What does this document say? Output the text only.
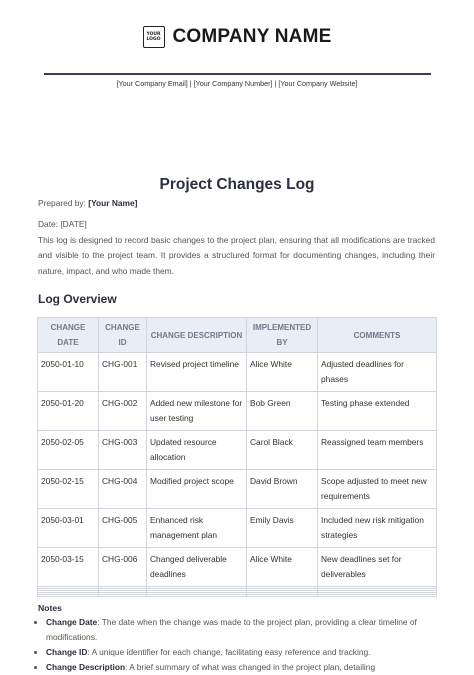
YOUR
LOGO COMPANY NAME
[Your Company Email] | [Your Company Number] | [Your Company Website]
Project Changes Log
Prepared by: [Your Name]
Date: [DATE]
This log is designed to record basic changes to the project plan, ensuring that all modifications are tracked and visible to the project team. It provides a structured format for documenting changes, including their nature, impact, and who made them.
Log Overview
CHANGE DATE	CHANGE ID	CHANGE DESCRIPTION	IMPLEMENTED BY	COMMENTS
2050-01-10	CHG-001	Revised project timeline	Alice White	Adjusted deadlines for phases
2050-01-20	CHG-002	Added new milestone for user testing	Bob Green	Testing phase extended
2050-02-05	CHG-003	Updated resource allocation	Carol Black	Reassigned team members
2050-02-15	CHG-004	Modified project scope	David Brown	Scope adjusted to meet new requirements
2050-03-01	CHG-005	Enhanced risk management plan	Emily Davis	Included new risk mitigation strategies
2050-03-15	CHG-006	Changed deliverable deadlines	Alice White	New deadlines set for deliverables

Notes
• Change Date: The date when the change was made to the project plan, providing a clear timeline of modifications.
• Change ID: A unique identifier for each change, facilitating easy reference and tracking.
• Change Description: A brief summary of what was changed in the project plan, detailing
